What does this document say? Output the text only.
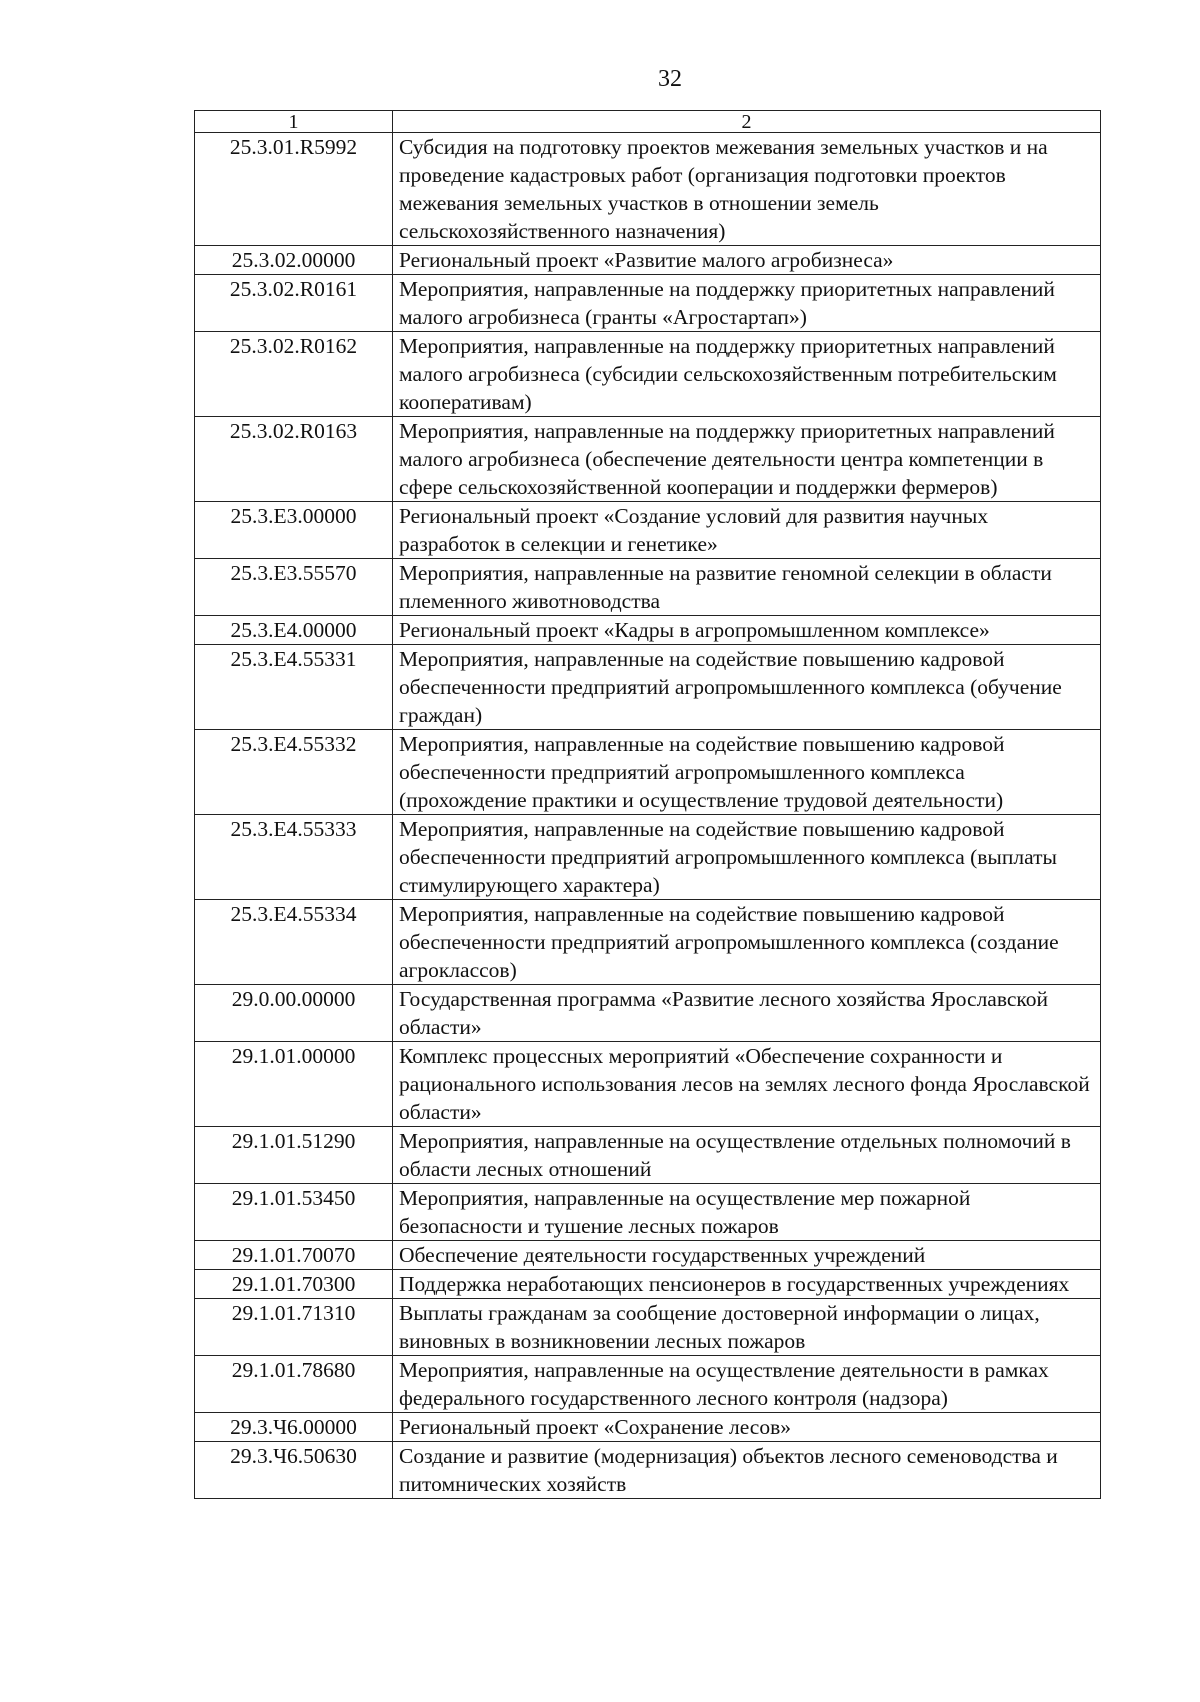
32
1	2
25.3.01.R5992	Субсидия на подготовку проектов межевания земельных участков и на проведение кадастровых работ (организация подготовки проектов межевания земельных участков в отношении земель сельскохозяйственного назначения)
25.3.02.00000	Региональный проект «Развитие малого агробизнеса»
25.3.02.R0161	Мероприятия, направленные на поддержку приоритетных направлений малого агробизнеса (гранты «Агростартап»)
25.3.02.R0162	Мероприятия, направленные на поддержку приоритетных направлений малого агробизнеса (субсидии сельскохозяйственным потребительским кооперативам)
25.3.02.R0163	Мероприятия, направленные на поддержку приоритетных направлений малого агробизнеса (обеспечение деятельности центра компетенции в сфере сельскохозяйственной кооперации и поддержки фермеров)
25.3.E3.00000	Региональный проект «Создание условий для развития научных разработок в селекции и генетике»
25.3.E3.55570	Мероприятия, направленные на развитие геномной селекции в области племенного животноводства
25.3.E4.00000	Региональный проект «Кадры в агропромышленном комплексе»
25.3.E4.55331	Мероприятия, направленные на содействие повышению кадровой обеспеченности предприятий агропромышленного комплекса (обучение граждан)
25.3.E4.55332	Мероприятия, направленные на содействие повышению кадровой обеспеченности предприятий агропромышленного комплекса (прохождение практики и осуществление трудовой деятельности)
25.3.E4.55333	Мероприятия, направленные на содействие повышению кадровой обеспеченности предприятий агропромышленного комплекса (выплаты стимулирующего характера)
25.3.E4.55334	Мероприятия, направленные на содействие повышению кадровой обеспеченности предприятий агропромышленного комплекса (создание агроклассов)
29.0.00.00000	Государственная программа «Развитие лесного хозяйства Ярославской области»
29.1.01.00000	Комплекс процессных мероприятий «Обеспечение сохранности и рационального использования лесов на землях лесного фонда Ярославской области»
29.1.01.51290	Мероприятия, направленные на осуществление отдельных полномочий в области лесных отношений
29.1.01.53450	Мероприятия, направленные на осуществление мер пожарной безопасности и тушение лесных пожаров
29.1.01.70070	Обеспечение деятельности государственных учреждений
29.1.01.70300	Поддержка неработающих пенсионеров в государственных учреждениях
29.1.01.71310	Выплаты гражданам за сообщение достоверной информации о лицах, виновных в возникновении лесных пожаров
29.1.01.78680	Мероприятия, направленные на осуществление деятельности в рамках федерального государственного лесного контроля (надзора)
29.3.Ч6.00000	Региональный проект «Сохранение лесов»
29.3.Ч6.50630	Создание и развитие (модернизация) объектов лесного семеноводства и питомнических хозяйств
